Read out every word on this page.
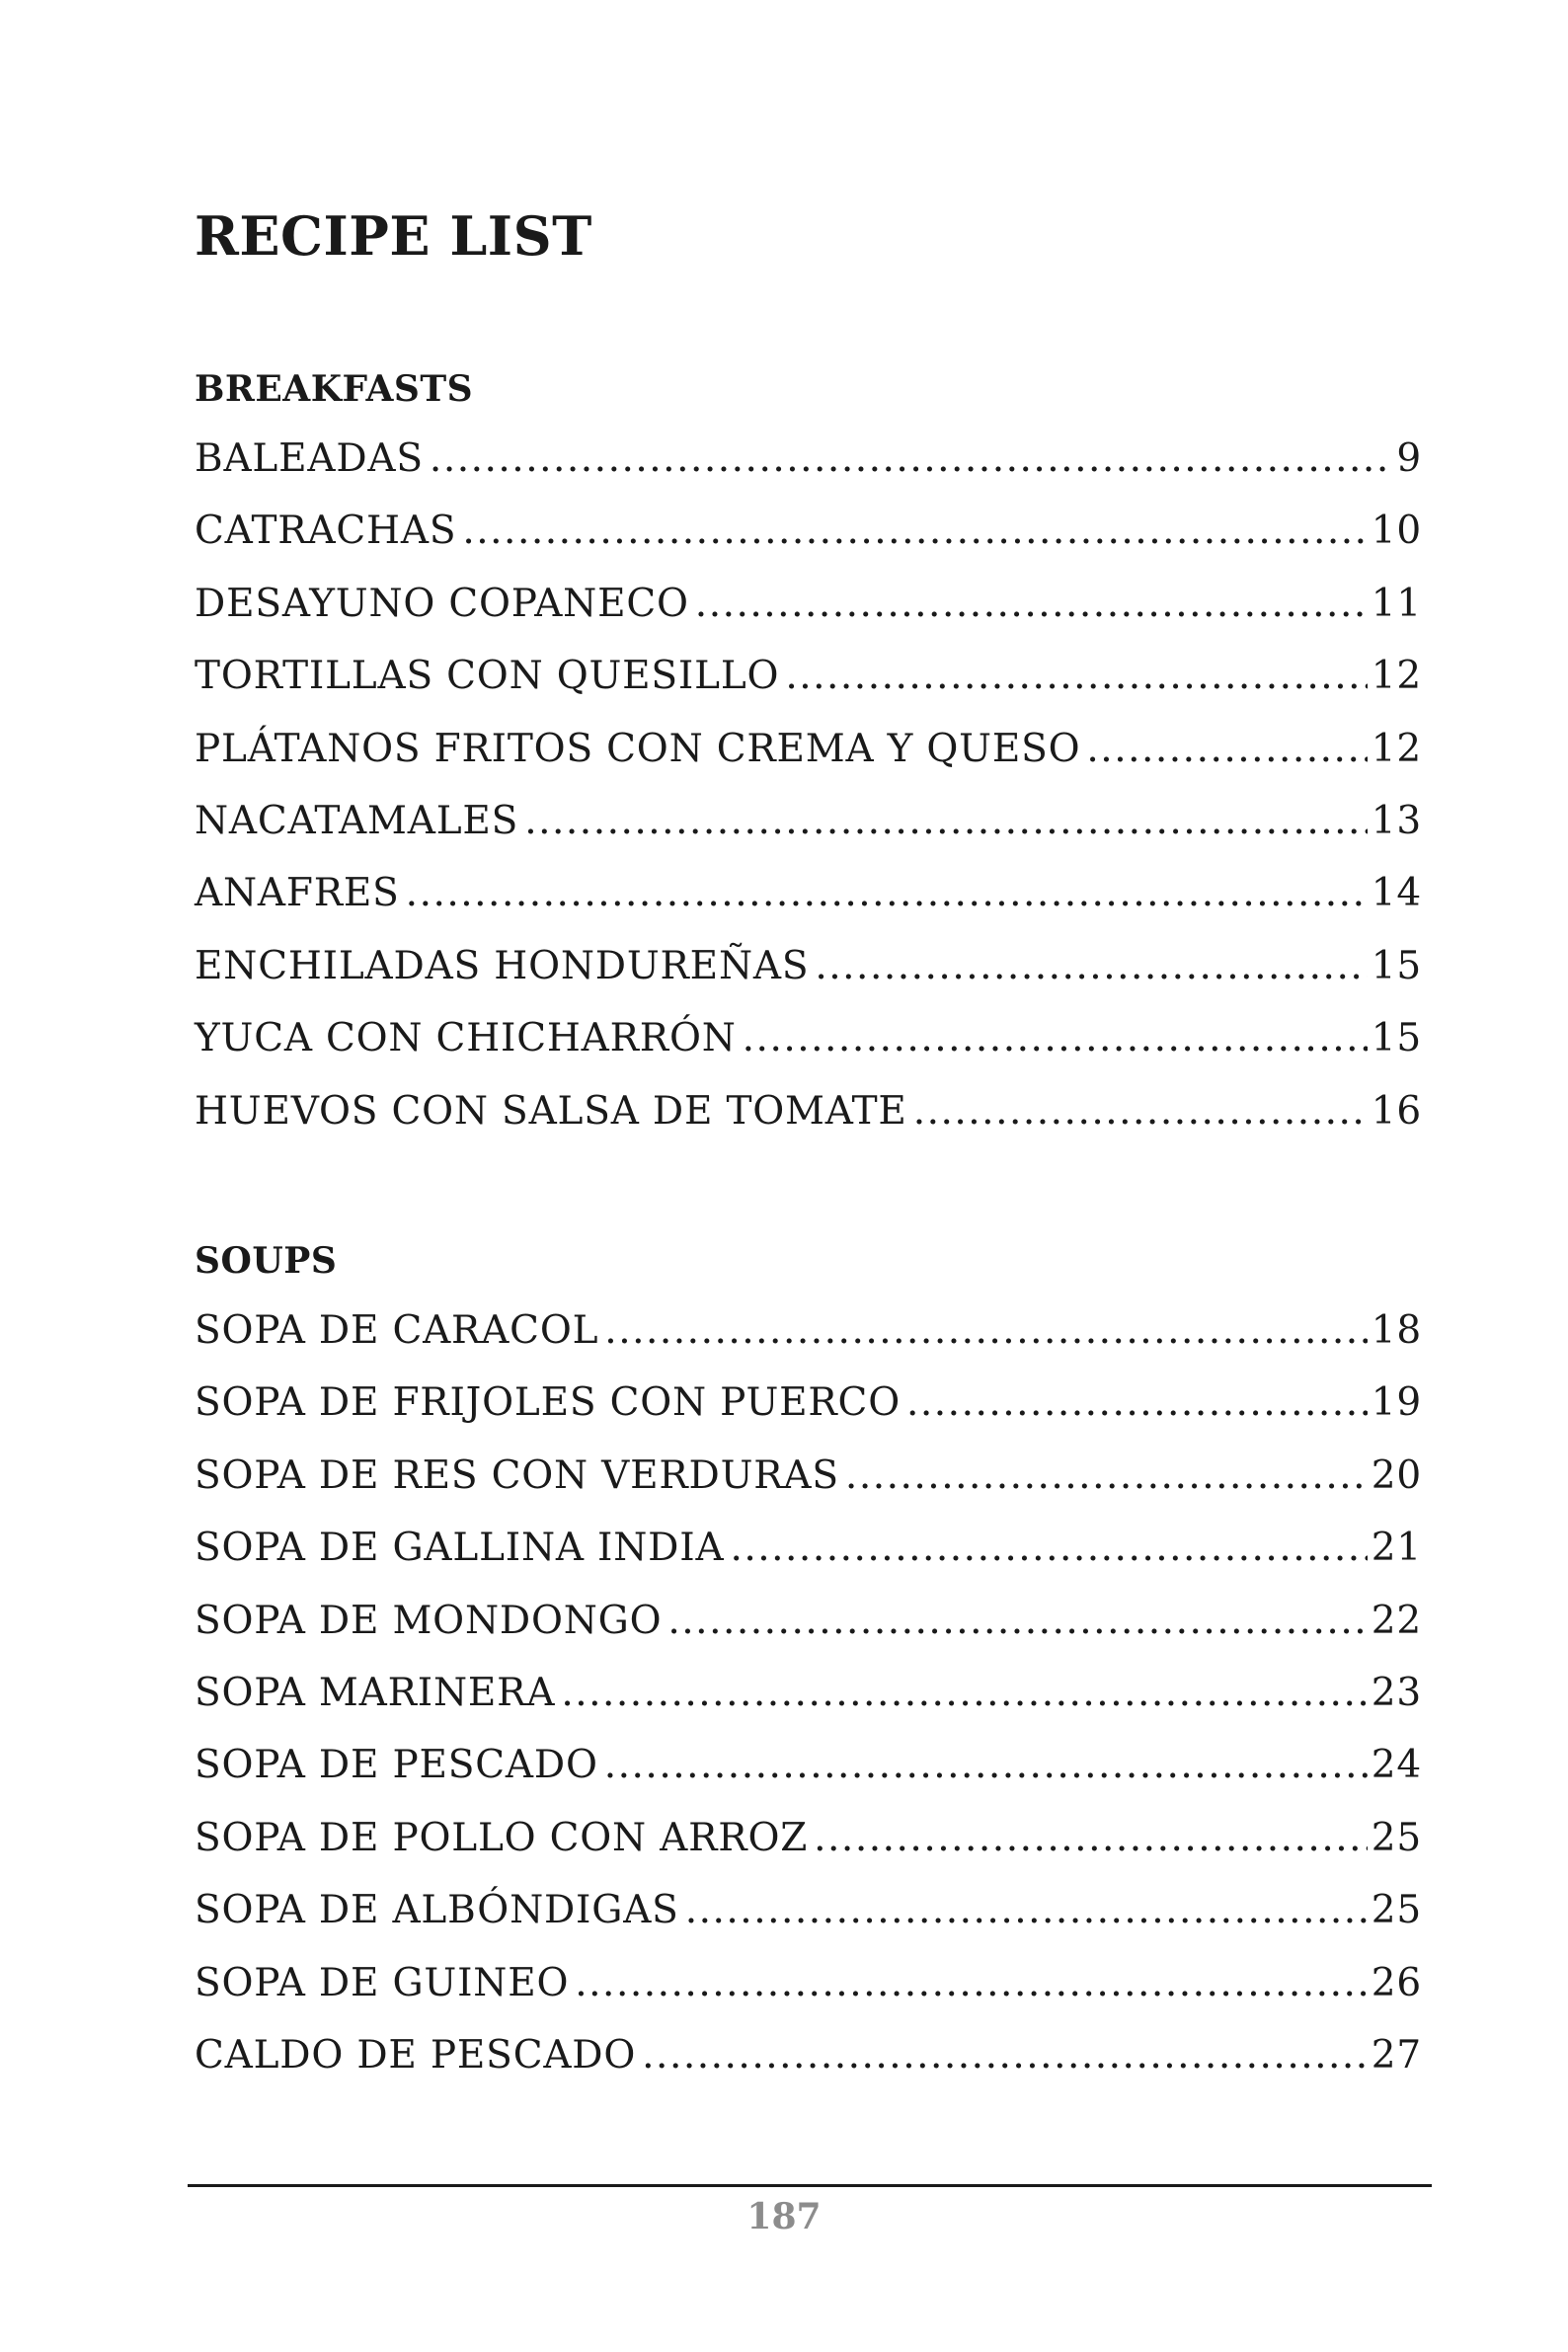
RECIPE LIST
BREAKFASTS
BALEADAS .....	9
CATRACHAS .....	10
DESAYUNO COPANECO .....	11
TORTILLAS CON QUESILLO .....	12
PLÁTANOS FRITOS CON CREMA Y QUESO .....	12
NACATAMALES .....	13
ANAFRES .....	14
ENCHILADAS HONDUREÑAS .....	15
YUCA CON CHICHARRÓN .....	15
HUEVOS CON SALSA DE TOMATE .....	16
SOUPS
SOPA DE CARACOL .....	18
SOPA DE FRIJOLES CON PUERCO .....	19
SOPA DE RES CON VERDURAS .....	20
SOPA DE GALLINA INDIA .....	21
SOPA DE MONDONGO .....	22
SOPA MARINERA .....	23
SOPA DE PESCADO .....	24
SOPA DE POLLO CON ARROZ .....	25
SOPA DE ALBÓNDIGAS .....	25
SOPA DE GUINEO .....	26
CALDO DE PESCADO .....	27
187
